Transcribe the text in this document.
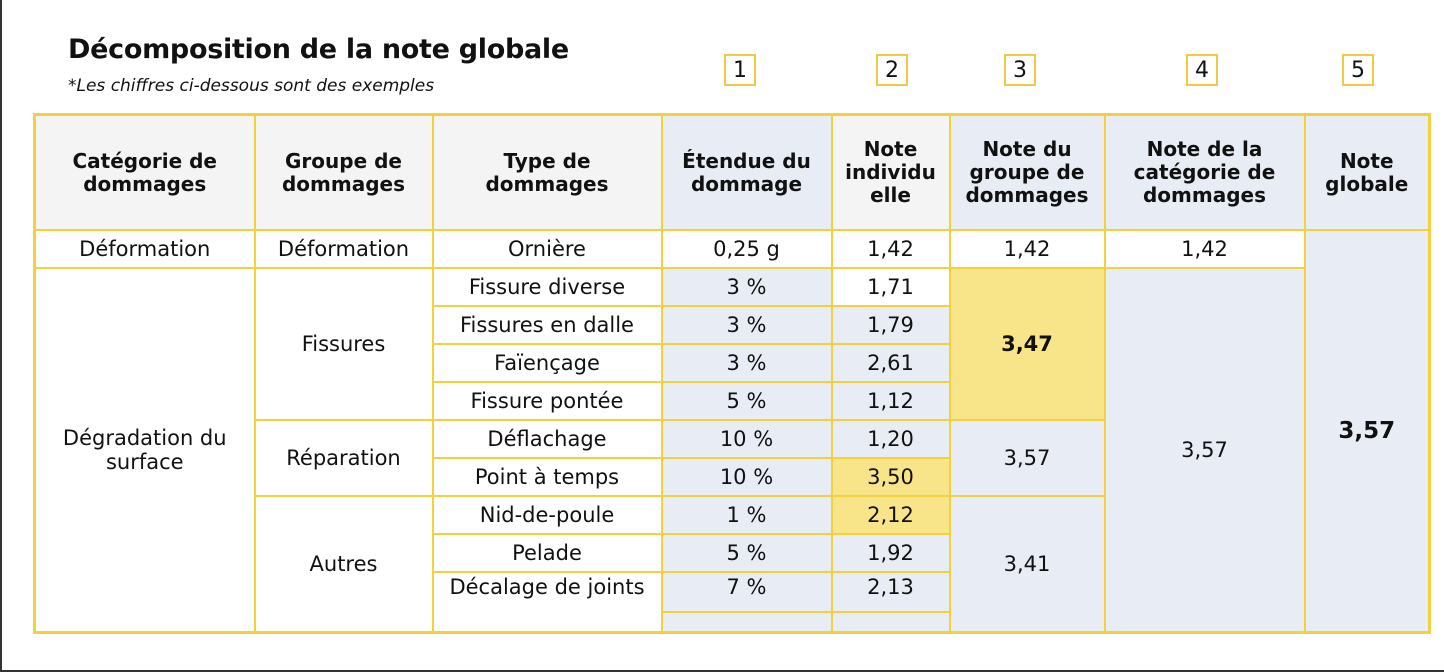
Décomposition de la note globale
*Les chiffres ci-dessous sont des exemples
1	2	3	4	5
Catégorie de
dommages	Groupe de
dommages	Type de
dommages	Étendue du
dommage	Note
individu
elle	Note du
groupe de
dommages	Note de la
catégorie de
dommages	Note
globale
Déformation	Déformation	Ornière	0,25 g	1,42	1,42	1,42	3,57
Dégradation du surface	Fissures	Fissure diverse	3 %	1,71	3,47	3,57	
		Fissures en dalle	3 %	1,79			
		Faïençage	3 %	2,61			
		Fissure pontée	5 %	1,12			
	Réparation	Déflachage	10 %	1,20	3,57		
		Point à temps	10 %	3,50			
	Autres	Nid-de-poule	1 %	2,12	3,41		
		Pelade	5 %	1,92			
		Décalage de joints	7 %	2,13			
